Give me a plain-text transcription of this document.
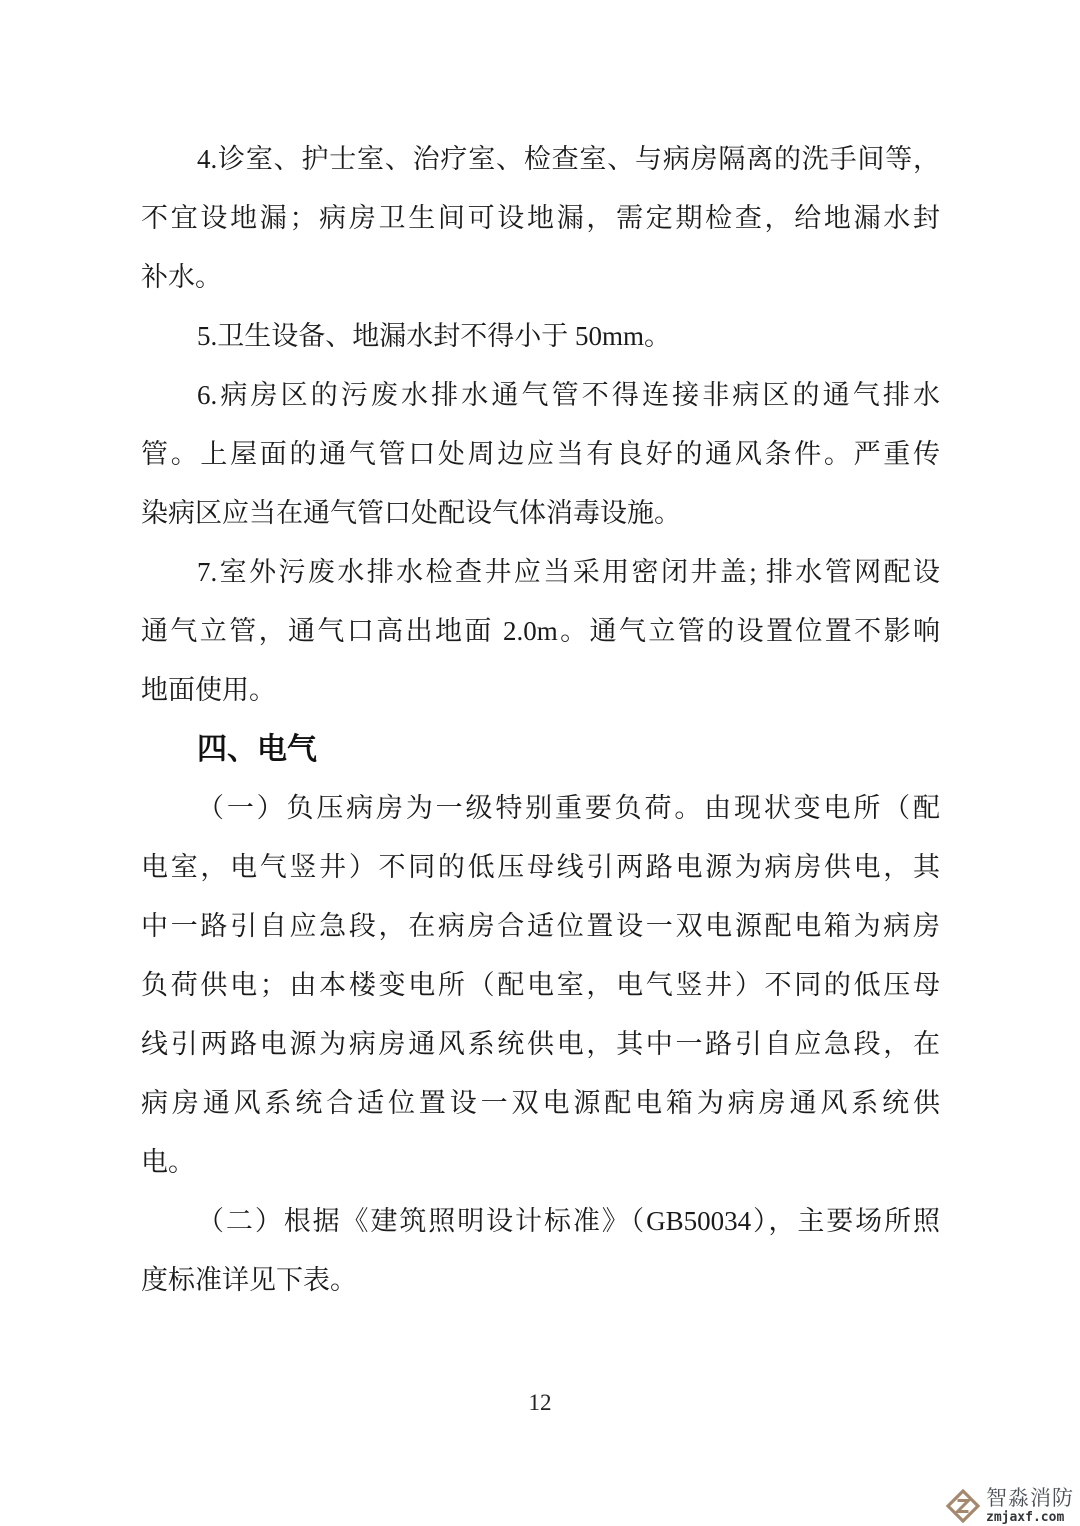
4.诊室、护士室、治疗室、检查室、与病房隔离的洗手间等，
不宜设地漏；病房卫生间可设地漏，需定期检查，给地漏水封
补水。
5.卫生设备、地漏水封不得小于 50mm。
6.病房区的污废水排水通气管不得连接非病区的通气排水
管。上屋面的通气管口处周边应当有良好的通风条件。严重传
染病区应当在通气管口处配设气体消毒设施。
7.室外污废水排水检查井应当采用密闭井盖; 排水管网配设
通气立管，通气口高出地面 2.0m。通气立管的设置位置不影响
地面使用。
四、电气
（一）负压病房为一级特别重要负荷。由现状变电所（配
电室，电气竖井）不同的低压母线引两路电源为病房供电，其
中一路引自应急段，在病房合适位置设一双电源配电箱为病房
负荷供电；由本楼变电所（配电室，电气竖井）不同的低压母
线引两路电源为病房通风系统供电，其中一路引自应急段，在
病房通风系统合适位置设一双电源配电箱为病房通风系统供
电。
（二）根据《建筑照明设计标准》（GB50034），主要场所照
度标准详见下表。
12
智淼消防
zmjaxf.com
